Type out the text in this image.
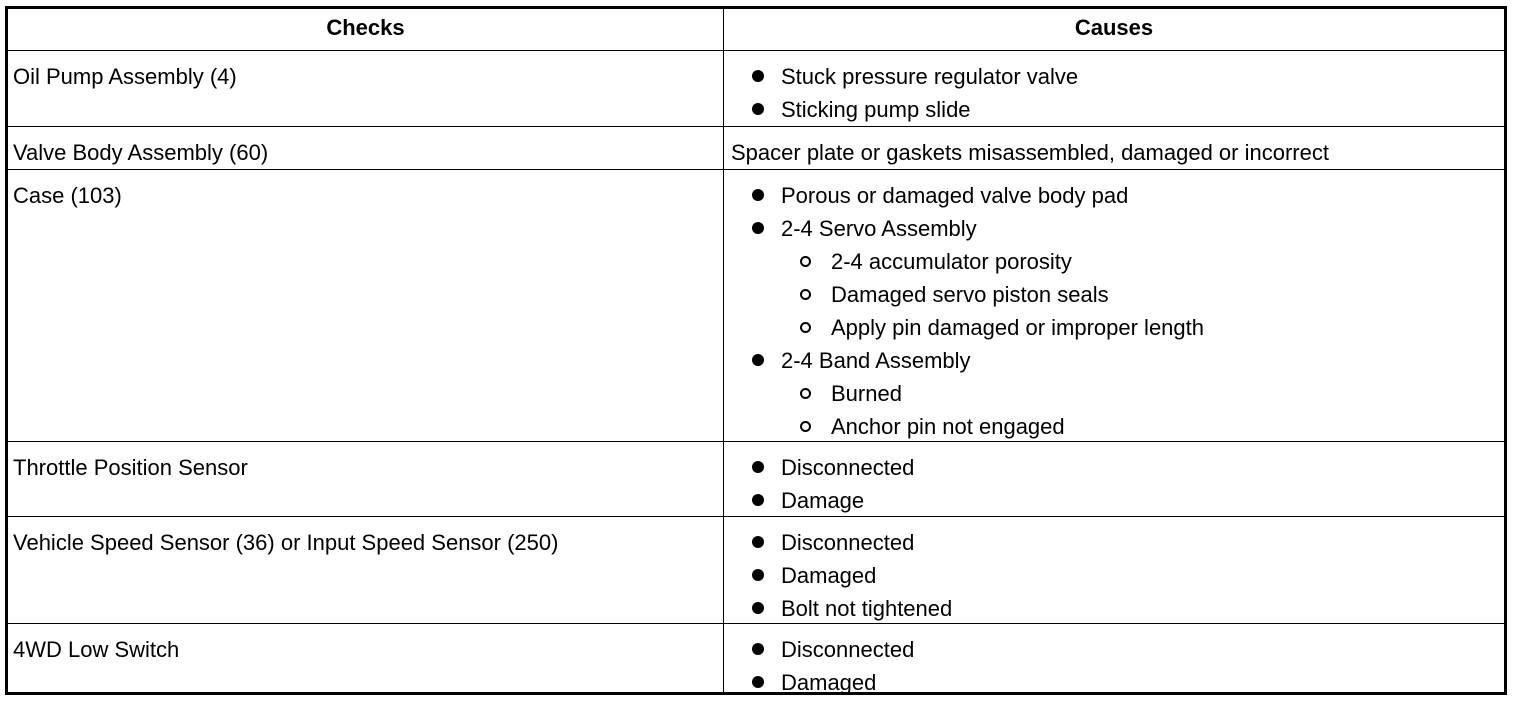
Checks	Causes
Oil Pump Assembly (4)	Stuck pressure regulator valve
Sticking pump slide
Valve Body Assembly (60)	Spacer plate or gaskets misassembled, damaged or incorrect
Case (103)	Porous or damaged valve body pad
2-4 Servo Assembly
2-4 accumulator porosity
Damaged servo piston seals
Apply pin damaged or improper length
2-4 Band Assembly
Burned
Anchor pin not engaged
Throttle Position Sensor	Disconnected
Damage
Vehicle Speed Sensor (36) or Input Speed Sensor (250)	Disconnected
Damaged
Bolt not tightened
4WD Low Switch	Disconnected
Damaged
